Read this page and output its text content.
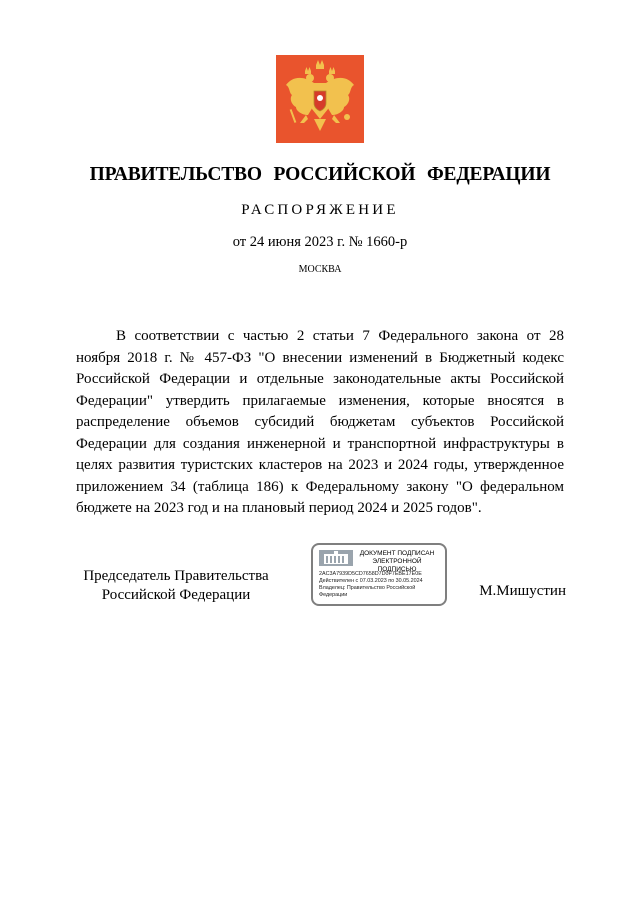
ПРАВИТЕЛЬСТВО РОССИЙСКОЙ ФЕДЕРАЦИИ
РАСПОРЯЖЕНИЕ
от 24 июня 2023 г. № 1660-р
МОСКВА

В соответствии с частью 2 статьи 7 Федерального закона от 28 ноября 2018 г. № 457-ФЗ "О внесении изменений в Бюджетный кодекс Российской Федерации и отдельные законодательные акты Российской Федерации" утвердить прилагаемые изменения, которые вносятся в распределение объемов субсидий бюджетам субъектов Российской Федерации для создания инженерной и транспортной инфраструктуры в целях развития туристских кластеров на 2023 и 2024 годы, утвержденное приложением 34 (таблица 186) к Федеральному закону "О федеральном бюджете на 2023 год и на плановый период 2024 и 2025 годов".

Председатель Правительства
Российской Федерации
ДОКУМЕНТ ПОДПИСАН
ЭЛЕКТРОННОЙ ПОДПИСЬЮ
2AC3A7939D5CD7658D7D0F7EBE17E0E
Действителен с 07.03.2023 по 30.05.2024
Владелец: Правительство Российской
Федерации	М.Мишустин
